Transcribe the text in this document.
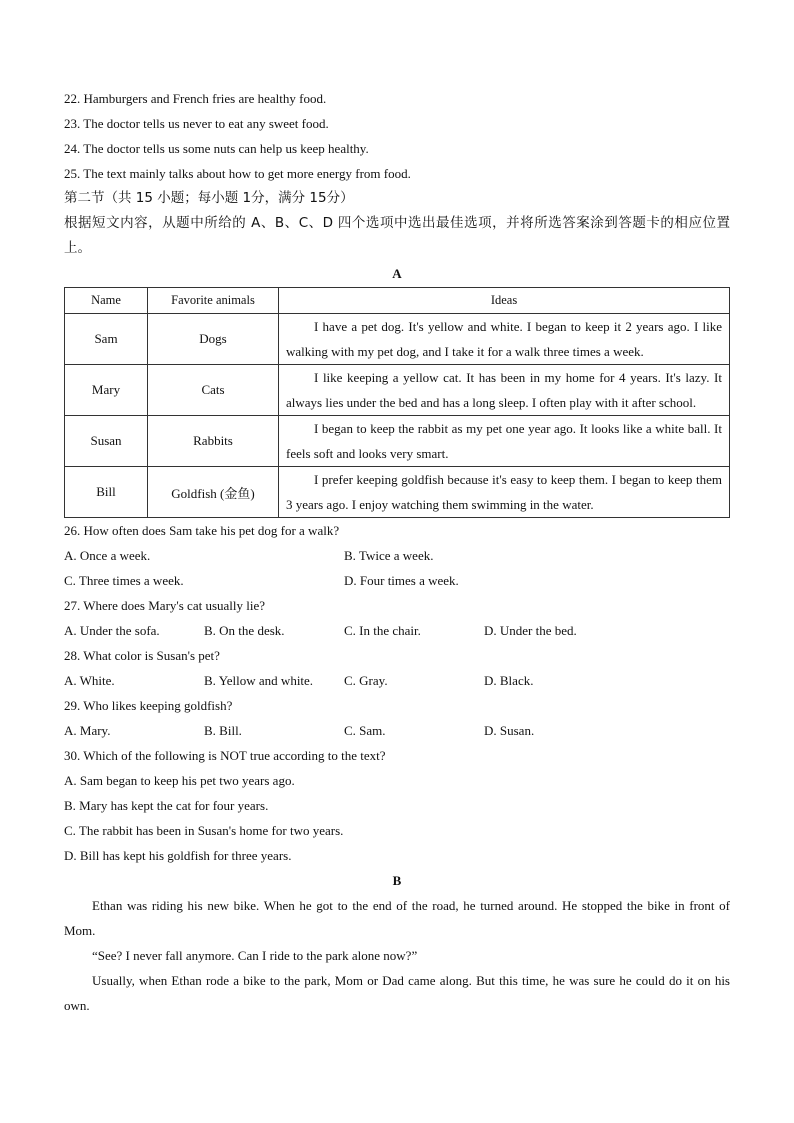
22. Hamburgers and French fries are healthy food.
23. The doctor tells us never to eat any sweet food.
24. The doctor tells us some nuts can help us keep healthy.
25. The text mainly talks about how to get more energy from food.
第二节（共 15 小题；每小题 1分，满分 15分）
根据短文内容，从题中所给的 A、B、C、D 四个选项中选出最佳选项，并将所选答案涂到答题卡的相应位置上。
A
Name	Favorite animals	Ideas
Sam	Dogs	I have a pet dog. It's yellow and white. I began to keep it 2 years ago. I like walking with my pet dog, and I take it for a walk three times a week.
Mary	Cats	I like keeping a yellow cat. It has been in my home for 4 years. It's lazy. It always lies under the bed and has a long sleep. I often play with it after school.
Susan	Rabbits	I began to keep the rabbit as my pet one year ago. It looks like a white ball. It feels soft and looks very smart.
Bill	Goldfish (金鱼)	I prefer keeping goldfish because it's easy to keep them. I began to keep them 3 years ago. I enjoy watching them swimming in the water.
26. How often does Sam take his pet dog for a walk?
A. Once a week.	B. Twice a week.
C. Three times a week.	D. Four times a week.
27. Where does Mary's cat usually lie?
A. Under the sofa.	B. On the desk.	C. In the chair.	D. Under the bed.
28. What color is Susan's pet?
A. White.	B. Yellow and white.	C. Gray.	D. Black.
29. Who likes keeping goldfish?
A. Mary.	B. Bill.	C. Sam.	D. Susan.
30. Which of the following is NOT true according to the text?
A. Sam began to keep his pet two years ago.
B. Mary has kept the cat for four years.
C. The rabbit has been in Susan's home for two years.
D. Bill has kept his goldfish for three years.
B
Ethan was riding his new bike. When he got to the end of the road, he turned around. He stopped the bike in front of Mom.
“See? I never fall anymore. Can I ride to the park alone now?”
Usually, when Ethan rode a bike to the park, Mom or Dad came along. But this time, he was sure he could do it on his own.
